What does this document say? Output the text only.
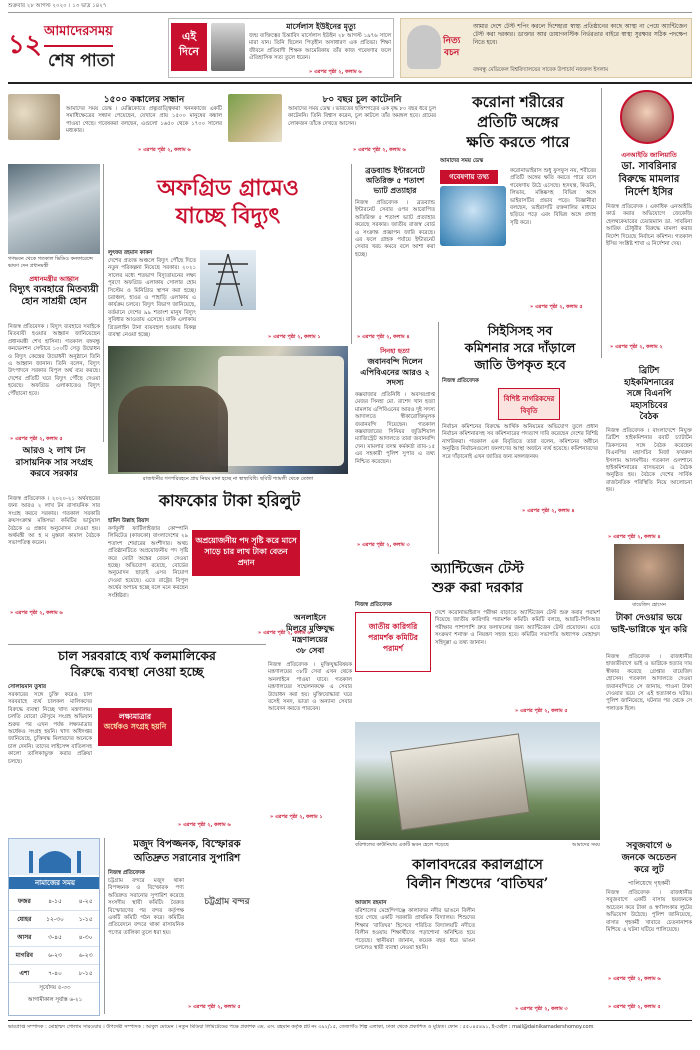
শুক্রবার ২৮ আগস্ট ২০২০ । ১৩ ভাদ্র ১৪২৭
১২ আমাদেরসময়
শেষ পাতা
এই
দিনে
মার্সেলাস ইউইনের মৃত্যু
জন্ম ব্যক্তিত্বের চিন্তাবিদ মার্সেলাস ইউইন ২৮ আগস্ট ১৯৭৬ সালে মারা যান। তিনি ছিলেন পিতৃহীন অসাধারণ এক প্রতিভা। শিক্ষা জীবনে প্রতিবাদী শিক্ষক আমেরিকায় তাঁর কাজ গবেষণার ফলে ঐতিহাসিক সত্য তুলে ধরেন।
» এরপর পৃষ্ঠা ২, কলাম ৬
নিত্য
বচন
আমার দেশে টেস্ট শপিং করলে দিশেহারা স্বাস্থ্য প্রতিষ্ঠানের কাছে আস্থা না পেয়ে অ্যান্টিজেন টেস্ট করা দরকার। ডাক্তার আর ডায়াগনস্টিক নির্ভরতার বাইরে স্বাস্থ্য সুরক্ষার সঠিক পদক্ষেপ নিতে হবে।
বঙ্গবন্ধু মেডিকেল বিশ্ববিদ্যালয়ের সাবেক উপাচার্য নজরুল ইসলাম
১৫০০ কঙ্কালের সন্ধান
আমাদের সময় ডেস্ক । মেক্সিকোতে প্রত্নতাত্ত্বিকরা খননকাজে একটি সমাধিক্ষেত্রের সন্ধান পেয়েছেন, যেখানে প্রায় ১৫০০ মানুষের কঙ্কাল পাওয়া গেছে। গবেষকরা বলছেন, এগুলো ১৬৫০ থেকে ১৭০০ সালের মধ্যকার।
» এরপর পৃষ্ঠা ২, কলাম ৬
৮০ বছর চুল কাটেননি
আমাদের সময় ডেস্ক । ভারতের ছত্তিশগড়ের এক বৃদ্ধ ৮০ বছর ধরে চুল কাটেননি। তিনি বিশ্বাস করেন, চুল কাটলে তাঁর অমঙ্গল হবে। গ্রামের লোকজন তাঁকে দেখতে আসেন।
» এরপর পৃষ্ঠা ২, কলাম ৬
করোনা শরীরের
প্রতিটি অঙ্গের
ক্ষতি করতে পারে
আমাদের সময় ডেস্ক
গবেষণায় তথ্য
করোনাভাইরাস শুধু ফুসফুস নয়, শরীরের প্রতিটি অঙ্গের ক্ষতি করতে পারে বলে গবেষণায় উঠে এসেছে। হৃদযন্ত্র, কিডনি, লিভার, মস্তিষ্কসহ বিভিন্ন অঙ্গে ভাইরাসটির প্রভাব পড়ে। বিজ্ঞানীরা বলছেন, ভাইরাসটি রক্তনালির মাধ্যমে ছড়িয়ে পড়ে এবং বিভিন্ন অঙ্গে প্রদাহ সৃষ্টি করে।
» এরপর পৃষ্ঠা ২, কলাম ৫
এনআইডি জালিয়াতি
ডা. সাবরিনার
বিরুদ্ধে মামলার
নির্দেশ ইসির
নিজস্ব প্রতিবেদক । একাধিক এনআইডি কার্ড করার অভিযোগে জেকেজি হেলথকেয়ারের চেয়ারম্যান ডা. সাবরিনা আরিফ চৌধুরীর বিরুদ্ধে মামলা করার নির্দেশ দিয়েছে নির্বাচন কমিশন। গতকাল ইসির সংশ্লিষ্ট শাখা এ নির্দেশনা দেয়।
» এরপর পৃষ্ঠা ২, কলাম ২
গণভবন থেকে গতকাল ভিডিও কনফারেন্সে ভাষণ দেন প্রধানমন্ত্রী
প্রধানমন্ত্রীর আহ্বান
বিদ্যুৎ ব্যবহারে মিতব্যয়ী হোন সাশ্রয়ী হোন
নিজস্ব প্রতিবেদক । বিদ্যুৎ ব্যবহারে সবাইকে মিতব্যয়ী হওয়ার আহ্বান জানিয়েছেন প্রধানমন্ত্রী শেখ হাসিনা। গতকাল বঙ্গবন্ধু কনভেনশন সেন্টারে ১০০টি সেতু উদ্বোধন ও বিদ্যুৎ কেন্দ্রের উদ্বোধনী অনুষ্ঠানে তিনি এ আহ্বান জানান। তিনি বলেন, বিদ্যুৎ উৎপাদনে সরকার বিপুল অর্থ ব্যয় করছে। দেশের প্রতিটি ঘরে বিদ্যুৎ পৌঁছে দেওয়া হয়েছে। অফগ্রিড এলাকাতেও বিদ্যুৎ পৌঁছানো হবে।
» এরপর পৃষ্ঠা ২, কলাম ৫
অফগ্রিড গ্রামেও
যাচ্ছে বিদ্যুৎ
লুৎফর রহমান কাকন
দেশের প্রত্যন্ত অঞ্চলে বিদ্যুৎ পৌঁছে দিতে নতুন পরিকল্পনা নিয়েছে সরকার। ২০২১ সালের মধ্যে শতভাগ বিদ্যুতায়নের লক্ষ্য পূরণে অফগ্রিড এলাকায় সোলার হোম সিস্টেম ও মিনিগ্রিড স্থাপন করা হচ্ছে। চরাঞ্চল, হাওর ও পাহাড়ি এলাকায় এ কার্যক্রম চলবে। বিদ্যুৎ বিভাগ জানিয়েছে, বর্তমানে দেশের ৯৯ শতাংশ মানুষ বিদ্যুৎ সুবিধার আওতায় এসেছে। বাকি এলাকায় গ্রিডলাইন টানা ব্যয়বহুল হওয়ায় বিকল্প ব্যবস্থা নেওয়া হচ্ছে।	» এরপর পৃষ্ঠা ২, কলাম ১
ব্রডব্যান্ড ইন্টারনেটে
অতিরিক্ত ৫ শতাংশ
ভ্যাট প্রত্যাহার
নিজস্ব প্রতিবেদক । ব্রডব্যান্ড ইন্টারনেট সেবার ওপর আরোপিত অতিরিক্ত ৫ শতাংশ ভ্যাট প্রত্যাহার করেছে সরকার। জাতীয় রাজস্ব বোর্ড এ সংক্রান্ত প্রজ্ঞাপন জারি করেছে। এর ফলে গ্রাহক পর্যায়ে ইন্টারনেট সেবার খরচ কমবে বলে আশা করা হচ্ছে।
» এরপর পৃষ্ঠা ২, কলাম ৪
রাজধানীর গণপরিবহনে প্রায় নিয়ম মানা হচ্ছে না স্বাস্থ্যবিধি। ছবিটি শ্যামলী থেকে তোলা
সিনহা হত্যা
জবানবন্দি দিলেন এপিবিএনের আরও ২ সদস্য
কক্সবাজার প্রতিনিধি । অবসরপ্রাপ্ত মেজর সিনহা মো. রাশেদ খান হত্যা মামলায় এপিবিএনের আরও দুই সদস্য আদালতে স্বীকারোক্তিমূলক জবানবন্দি দিয়েছেন। গতকাল কক্সবাজারের সিনিয়র জুডিশিয়াল ম্যাজিস্ট্রেট আদালতে তারা জবানবন্দি দেন। মামলার তদন্ত কর্মকর্তা র‌্যাব-১৫ এর সহকারী পুলিশ সুপার এ তথ্য নিশ্চিত করেছেন।
» এরপর পৃষ্ঠা ২, কলাম ৩
সিইসিসহ সব
কমিশনার সরে দাঁড়ালে
জাতি উপকৃত হবে
নিজস্ব প্রতিবেদক
বিশিষ্ট নাগরিকদের বিবৃতি
নির্বাচন কমিশনের বিরুদ্ধে আর্থিক অনিয়মের অভিযোগ তুলে প্রধান নির্বাচন কমিশনারসহ সব কমিশনারের পদত্যাগ দাবি করেছেন দেশের বিশিষ্ট নাগরিকরা। গতকাল এক বিবৃতিতে তারা বলেন, কমিশনের অধীনে অনুষ্ঠিত নির্বাচনগুলো জনগণের আস্থা অর্জনে ব্যর্থ হয়েছে। কমিশনারদের সরে দাঁড়ানোই এখন জাতির জন্য মঙ্গলজনক।
» এরপর পৃষ্ঠা ২, কলাম ৪
ব্রিটিশ
হাইকমিশনারের
সঙ্গে বিএনপি
মহাসচিবের
বৈঠক
নিজস্ব প্রতিবেদক । বাংলাদেশে নিযুক্ত ব্রিটিশ হাইকমিশনার রবার্ট চ্যাটার্টন ডিকসনের সঙ্গে বৈঠক করেছেন বিএনপির মহাসচিব মির্জা ফখরুল ইসলাম আলমগীর। গতকাল গুলশানে হাইকমিশনারের বাসভবনে এ বৈঠক অনুষ্ঠিত হয়। বৈঠকে দেশের সার্বিক রাজনৈতিক পরিস্থিতি নিয়ে আলোচনা হয়।
» এরপর পৃষ্ঠা ২, কলাম ৪
আরও ২ লাখ টন রাসায়নিক সার সংগ্রহ করবে সরকার
নিজস্ব প্রতিবেদক । ২০২০-২১ অর্থবছরের জন্য আরও ২ লাখ টন রাসায়নিক সার সংগ্রহ করবে সরকার। গতকাল সরকারি ক্রয়সংক্রান্ত মন্ত্রিসভা কমিটির ভার্চুয়াল বৈঠকে এ প্রস্তাব অনুমোদন দেওয়া হয়। অর্থমন্ত্রী আ হ ম মুস্তফা কামাল বৈঠকে সভাপতিত্ব করেন।
» এরপর পৃষ্ঠা ২, কলাম ৬
কাফকোর টাকা হরিলুট
হামিদ উল্লাহ রিয়াদ
কর্ণফুলী ফার্টিলাইজার কোম্পানি লিমিটেড (কাফকো) বাংলাদেশের ২৯ শতাংশ শেয়ারের অংশীদার। অথচ প্রতিষ্ঠানটিতে অপ্রয়োজনীয় পদ সৃষ্টি করে মোটা অঙ্কের বেতন দেওয়া হচ্ছে। অভিযোগ রয়েছে, বোর্ডের অনুমোদন ছাড়াই এসব নিয়োগ দেওয়া হয়েছে। এতে রাষ্ট্রের বিপুল অর্থের অপচয় হচ্ছে বলে মনে করছেন সংশ্লিষ্টরা।
অপ্রয়োজনীয় পদ সৃষ্টি করে মাসে সাড়ে চার লাখ টাকা বেতন প্রদান
» এরপর পৃষ্ঠা ২, কলাম ৬
অনলাইনে
মিলবে মুক্তিযুদ্ধ
মন্ত্রণালয়ের
৩৮ সেবা
নিজস্ব প্রতিবেদক । মুক্তিযুদ্ধবিষয়ক মন্ত্রণালয়ের ৩৮টি সেবা এখন থেকে অনলাইনে পাওয়া যাবে। গতকাল মন্ত্রণালয়ের সম্মেলনকক্ষে এ সেবার উদ্বোধন করা হয়। মুক্তিযোদ্ধারা ঘরে বসেই সনদ, ভাতা ও অন্যান্য সেবার আবেদন করতে পারবেন।
» এরপর পৃষ্ঠা ২, কলাম ১
অ্যান্টিজেন টেস্ট
শুরু করা দরকার
নিজস্ব প্রতিবেদক
জাতীয় কারিগরি পরামর্শক কমিটির পরামর্শ
দেশে করোনাভাইরাস পরীক্ষা বাড়াতে অ্যান্টিজেন টেস্ট শুরু করার পরামর্শ দিয়েছে জাতীয় কারিগরি পরামর্শক কমিটি। কমিটি বলছে, আরটি-পিসিআর পরীক্ষার পাশাপাশি দ্রুত ফলাফলের জন্য অ্যান্টিজেন টেস্ট প্রয়োজন। এতে সংক্রমণ শনাক্ত ও নিয়ন্ত্রণ সহজ হবে। কমিটির সভাপতি অধ্যাপক মোহাম্মদ সহিদুল্লা এ তথ্য জানান।
» এরপর পৃষ্ঠা ২, কলাম ৫
বায়েজিদ হোসেন
টাকা দেওয়ার ভয়ে ভাই-ভাগ্নিকে খুন করি
নিজস্ব প্রতিবেদক । রাজধানীর হাজারীবাগে ভাই ও ভাগ্নিকে হত্যার দায় স্বীকার করেছে গ্রেপ্তার বায়েজিদ হোসেন। গতকাল আদালতে দেওয়া জবানবন্দিতে সে জানায়, পাওনা টাকা দেওয়ার ভয়ে সে এই হত্যাকাণ্ড ঘটায়। পুলিশ জানিয়েছে, ঘটনার পর থেকে সে পলাতক ছিল।
» এরপর পৃষ্ঠা ২, কলাম ৬
চাল সরবরাহে ব্যর্থ কলমালিকের
বিরুদ্ধে ব্যবস্থা নেওয়া হচ্ছে
সোলায়মান তুষার
সরকারের সঙ্গে চুক্তি করেও চাল সরবরাহে ব্যর্থ চালকল মালিকদের বিরুদ্ধে ব্যবস্থা নিচ্ছে খাদ্য মন্ত্রণালয়। চলতি বোরো মৌসুমে সংগ্রহ অভিযান শুরুর পর এখন পর্যন্ত লক্ষ্যমাত্রার অর্ধেকও সংগ্রহ হয়নি। খাদ্য অধিদপ্তর জানিয়েছে, চুক্তিবদ্ধ মিলারদের অনেকে চাল দেননি। তাদের লাইসেন্স বাতিলসহ কালো তালিকাভুক্ত করার প্রক্রিয়া চলছে।
লক্ষ্যমাত্রার
অর্ধেকও সংগ্রহ হয়নি
» এরপর পৃষ্ঠা ২, কলাম ৬
বরিশালের কাউনিয়ায় একটি ভবন হেলে পড়েছে	আমাদের সময়
নামাজের সময়
ফজর	৪-১৫	৪-২৫
যোহর	১২-৩০	১-১৫
আসর	৩-৪৫	৪-৩০
মাগরিব	৬-২৩	৬-২৩
এশা	৭-৪০	৮-১৫
সূর্যোদয় ৫-৩৩
আগামীকাল সূর্যাস্ত ৬-২১
মজুদ বিপজ্জনক, বিস্ফোরক
অতিদ্রুত সরানোর সুপারিশ
নিজস্ব প্রতিবেদক
চট্টগ্রাম বন্দরে মজুদ থাকা বিপজ্জনক ও বিস্ফোরক পণ্য অতিদ্রুত সরানোর সুপারিশ করেছে সংসদীয় স্থায়ী কমিটি। বৈরুত বিস্ফোরণের পর বন্দর কর্তৃপক্ষ একটি কমিটি গঠন করে। কমিটির প্রতিবেদনে বন্দরে থাকা রাসায়নিক পণ্যের তালিকা তুলে ধরা হয়।
চট্টগ্রাম বন্দর
» এরপর পৃষ্ঠা ২, কলাম ৫
কালাবদরের করালগ্রাসে
বিলীন শিশুদের ‘বাতিঘর’
আজাদ রহমান
বরিশালের মেহেন্দিগঞ্জে কালাবদর নদীর ভাঙনে বিলীন হয়ে গেছে একটি সরকারি প্রাথমিক বিদ্যালয়। শিশুদের শিক্ষার ‘বাতিঘর’ হিসেবে পরিচিত বিদ্যালয়টি নদীতে বিলীন হওয়ায় শিক্ষার্থীদের পড়াশোনা অনিশ্চিত হয়ে পড়েছে। স্থানীয়রা জানান, কয়েক বছর ধরে ভাঙন চললেও স্থায়ী ব্যবস্থা নেওয়া হয়নি।
» এরপর পৃষ্ঠা ২, কলাম ৩
সবুজবাগে ৬
জনকে অচেতন
করে লুট
পালিয়েছে গৃহকর্মী
নিজস্ব প্রতিবেদক । রাজধানীর সবুজবাগে একটি বাসায় ছয়জনকে অচেতন করে টাকা ও স্বর্ণালংকার লুটের অভিযোগ উঠেছে। পুলিশ জানিয়েছে, বাসার গৃহকর্মী খাবারে চেতনানাশক মিশিয়ে এ ঘটনা ঘটিয়ে পালিয়েছে।
» এরপর পৃষ্ঠা ২, কলাম ৫
ভারপ্রাপ্ত সম্পাদক : মোহাম্মদ গোলাম সারওয়ার । উপদেষ্টা সম্পাদক : আবুল মোমেন । নতুন মিডিয়া লিমিটেডের পক্ষে প্রকাশক এম. এস. রহমান কর্তৃক প্লট নং ৩৯২/১৫, তেজগাঁও শিল্প এলাকা, ঢাকা থেকে প্রকাশিত ও মুদ্রিত। ফোন : ৫৫০৪৫৪৯১, ই-মেইল : mail@dainikamadershomoy.com
